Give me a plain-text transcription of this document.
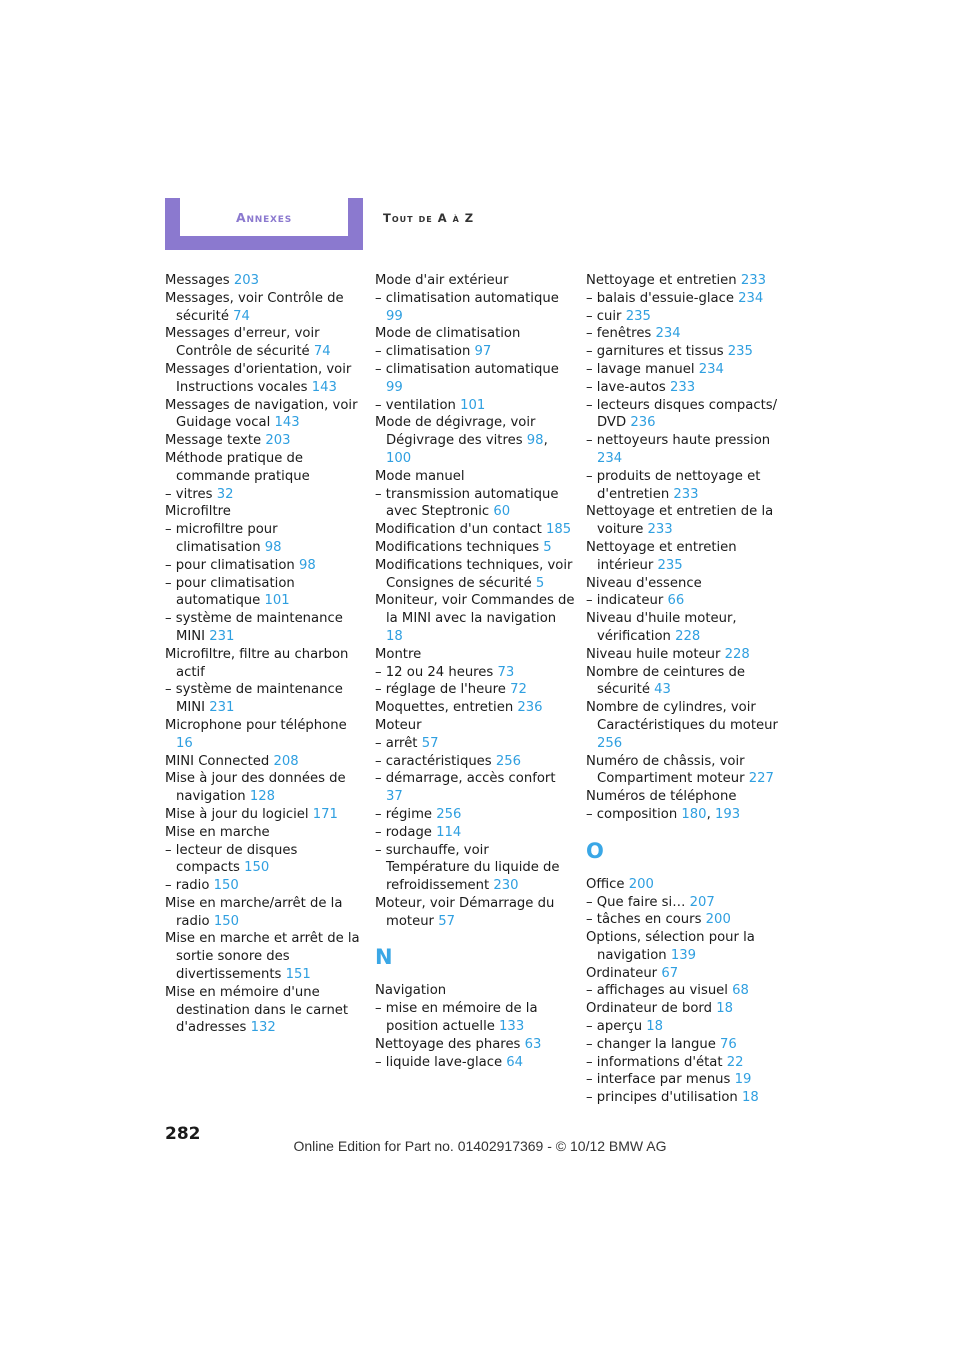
Annexes	Tout de A à Z
Messages 203
Messages, voir Contrôle de sécurité 74
Messages d'erreur, voir Contrôle de sécurité 74
Messages d'orientation, voir Instructions vocales 143
Messages de navigation, voir Guidage vocal 143
Message texte 203
Méthode pratique de commande pratique
– vitres 32
Microfiltre
– microfiltre pour climatisation 98
– pour climatisation 98
– pour climatisation automatique 101
– système de maintenance MINI 231
Microfiltre, filtre au charbon actif
– système de maintenance MINI 231
Microphone pour téléphone 16
MINI Connected 208
Mise à jour des données de navigation 128
Mise à jour du logiciel 171
Mise en marche
– lecteur de disques compacts 150
– radio 150
Mise en marche/arrêt de la radio 150
Mise en marche et arrêt de la sortie sonore des divertissements 151
Mise en mémoire d'une destination dans le carnet d'adresses 132
Mode d'air extérieur
– climatisation automatique 99
Mode de climatisation
– climatisation 97
– climatisation automatique 99
– ventilation 101
Mode de dégivrage, voir Dégivrage des vitres 98, 100
Mode manuel
– transmission automatique avec Steptronic 60
Modification d'un contact 185
Modifications techniques 5
Modifications techniques, voir Consignes de sécurité 5
Moniteur, voir Commandes de la MINI avec la navigation 18
Montre
– 12 ou 24 heures 73
– réglage de l'heure 72
Moquettes, entretien 236
Moteur
– arrêt 57
– caractéristiques 256
– démarrage, accès confort 37
– régime 256
– rodage 114
– surchauffe, voir Température du liquide de refroidissement 230
Moteur, voir Démarrage du moteur 57
N
Navigation
– mise en mémoire de la position actuelle 133
Nettoyage des phares 63
– liquide lave-glace 64
Nettoyage et entretien 233
– balais d'essuie-glace 234
– cuir 235
– fenêtres 234
– garnitures et tissus 235
– lavage manuel 234
– lave-autos 233
– lecteurs disques compacts/ DVD 236
– nettoyeurs haute pression 234
– produits de nettoyage et d'entretien 233
Nettoyage et entretien de la voiture 233
Nettoyage et entretien intérieur 235
Niveau d'essence
– indicateur 66
Niveau d'huile moteur, vérification 228
Niveau huile moteur 228
Nombre de ceintures de sécurité 43
Nombre de cylindres, voir Caractéristiques du moteur 256
Numéro de châssis, voir Compartiment moteur 227
Numéros de téléphone
– composition 180, 193
O
Office 200
– Que faire si… 207
– tâches en cours 200
Options, sélection pour la navigation 139
Ordinateur 67
– affichages au visuel 68
Ordinateur de bord 18
– aperçu 18
– changer la langue 76
– informations d'état 22
– interface par menus 19
– principes d'utilisation 18
282
Online Edition for Part no. 01402917369 - © 10/12 BMW AG
